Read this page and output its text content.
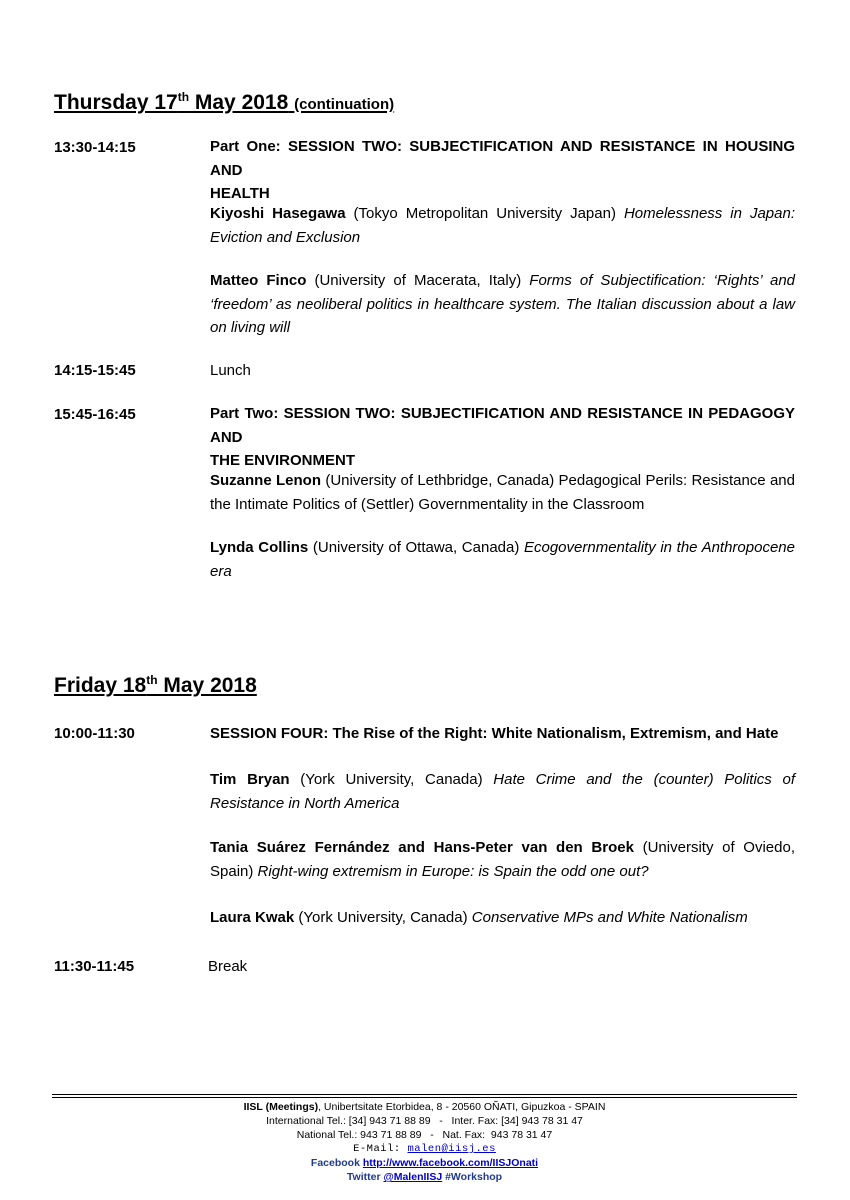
Thursday 17th May 2018 (continuation)
13:30-14:15	Part One: SESSION TWO: SUBJECTIFICATION AND RESISTANCE IN HOUSING AND
HEALTH
Kiyoshi Hasegawa (Tokyo Metropolitan University Japan) Homelessness in Japan: Eviction and Exclusion
Matteo Finco (University of Macerata, Italy) Forms of Subjectification: ‘Rights’ and ‘freedom’ as neoliberal politics in healthcare system. The Italian discussion about a law on living will
14:15-15:45	Lunch
15:45-16:45	Part Two: SESSION TWO: SUBJECTIFICATION AND RESISTANCE IN PEDAGOGY AND
THE ENVIRONMENT
Suzanne Lenon (University of Lethbridge, Canada) Pedagogical Perils: Resistance and the Intimate Politics of (Settler) Governmentality in the Classroom
Lynda Collins (University of Ottawa, Canada) Ecogovernmentality in the Anthropocene era
Friday 18th May 2018
10:00-11:30	SESSION FOUR: The Rise of the Right: White Nationalism, Extremism, and Hate
Tim Bryan (York University, Canada) Hate Crime and the (counter) Politics of Resistance in North America
Tania Suárez Fernández and Hans-Peter van den Broek (University of Oviedo, Spain) Right-wing extremism in Europe: is Spain the odd one out?
Laura Kwak (York University, Canada) Conservative MPs and White Nationalism
11:30-11:45	Break
IISL (Meetings), Unibertsitate Etorbidea, 8 - 20560 OÑATI, Gipuzkoa - SPAIN
International Tel.: [34] 943 71 88 89   -   Inter. Fax: [34] 943 78 31 47
National Tel.: 943 71 88 89   -   Nat. Fax:  943 78 31 47
E-Mail: malen@iisj.es
Facebook http://www.facebook.com/IISJOnati
Twitter @MalenIISJ #Workshop
